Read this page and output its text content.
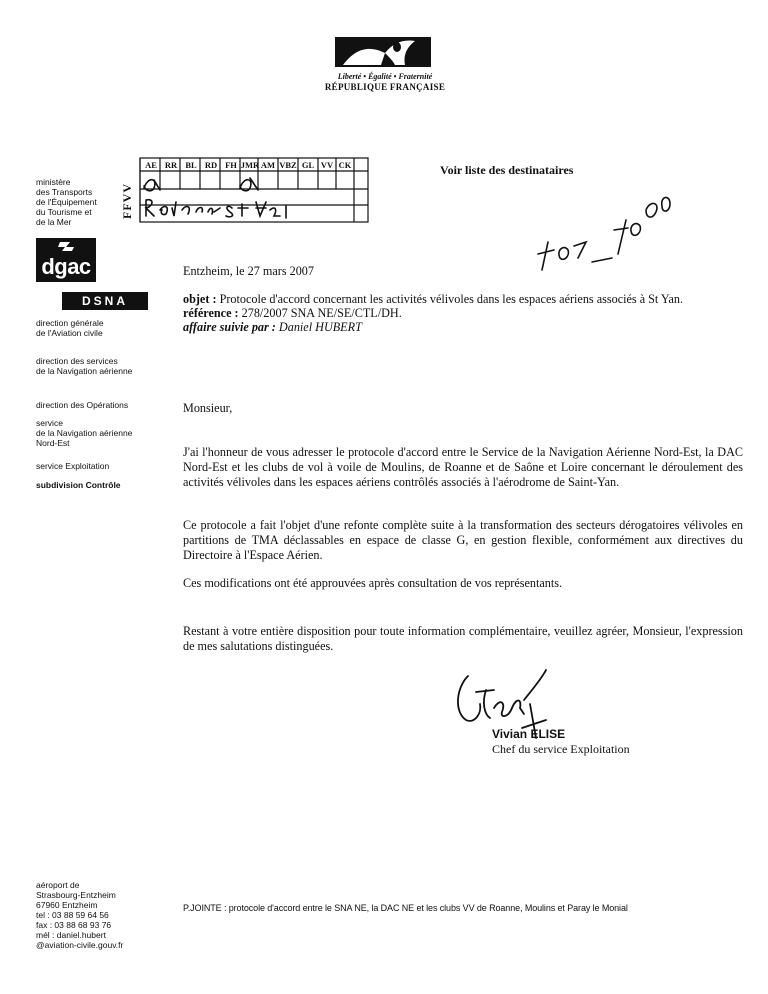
Liberté • Égalité • Fraternité
RÉPUBLIQUE FRANÇAISE
ministère
des Transports
de l'Équipement
du Tourisme et
de la Mer
dgac
DSNA
direction générale
de l'Aviation civile
direction des services
de la Navigation aérienne
direction des Opérations
service
de la Navigation aérienne
Nord-Est
service Exploitation
subdivision Contrôle
aéroport de
Strasbourg-Entzheim
67960 Entzheim
tel : 03 88 59 64 56
fax : 03 88 68 93 76
mél : daniel.hubert
@aviation-civile.gouv.fr
FFVV
AE RR BL RD FH JMR AM VBZ GL VV CK	Voir liste des destinataires
Entzheim, le 27 mars 2007
objet : Protocole d'accord concernant les activités vélivoles dans les espaces aériens associés à St Yan.
référence : 278/2007 SNA NE/SE/CTL/DH.
affaire suivie par : Daniel HUBERT
Monsieur,
J'ai l'honneur de vous adresser le protocole d'accord entre le Service de la Navigation Aérienne Nord-Est, la DAC Nord-Est et les clubs de vol à voile de Moulins, de Roanne et de Saône et Loire concernant le déroulement des activités vélivoles dans les espaces aériens contrôlés associés à l'aérodrome de Saint-Yan.
Ce protocole a fait l'objet d'une refonte complète suite à la transformation des secteurs dérogatoires vélivoles en partitions de TMA déclassables en espace de classe G, en gestion flexible, conformément aux directives du Directoire à l'Espace Aérien.
Ces modifications ont été approuvées après consultation de vos représentants.
Restant à votre entière disposition pour toute information complémentaire, veuillez agréer, Monsieur, l'expression de mes salutations distinguées.
Vivian ELISE
Chef du service Exploitation
P.JOINTE : protocole d'accord entre le SNA NE, la DAC NE et les clubs VV de Roanne, Moulins et Paray le Monial
